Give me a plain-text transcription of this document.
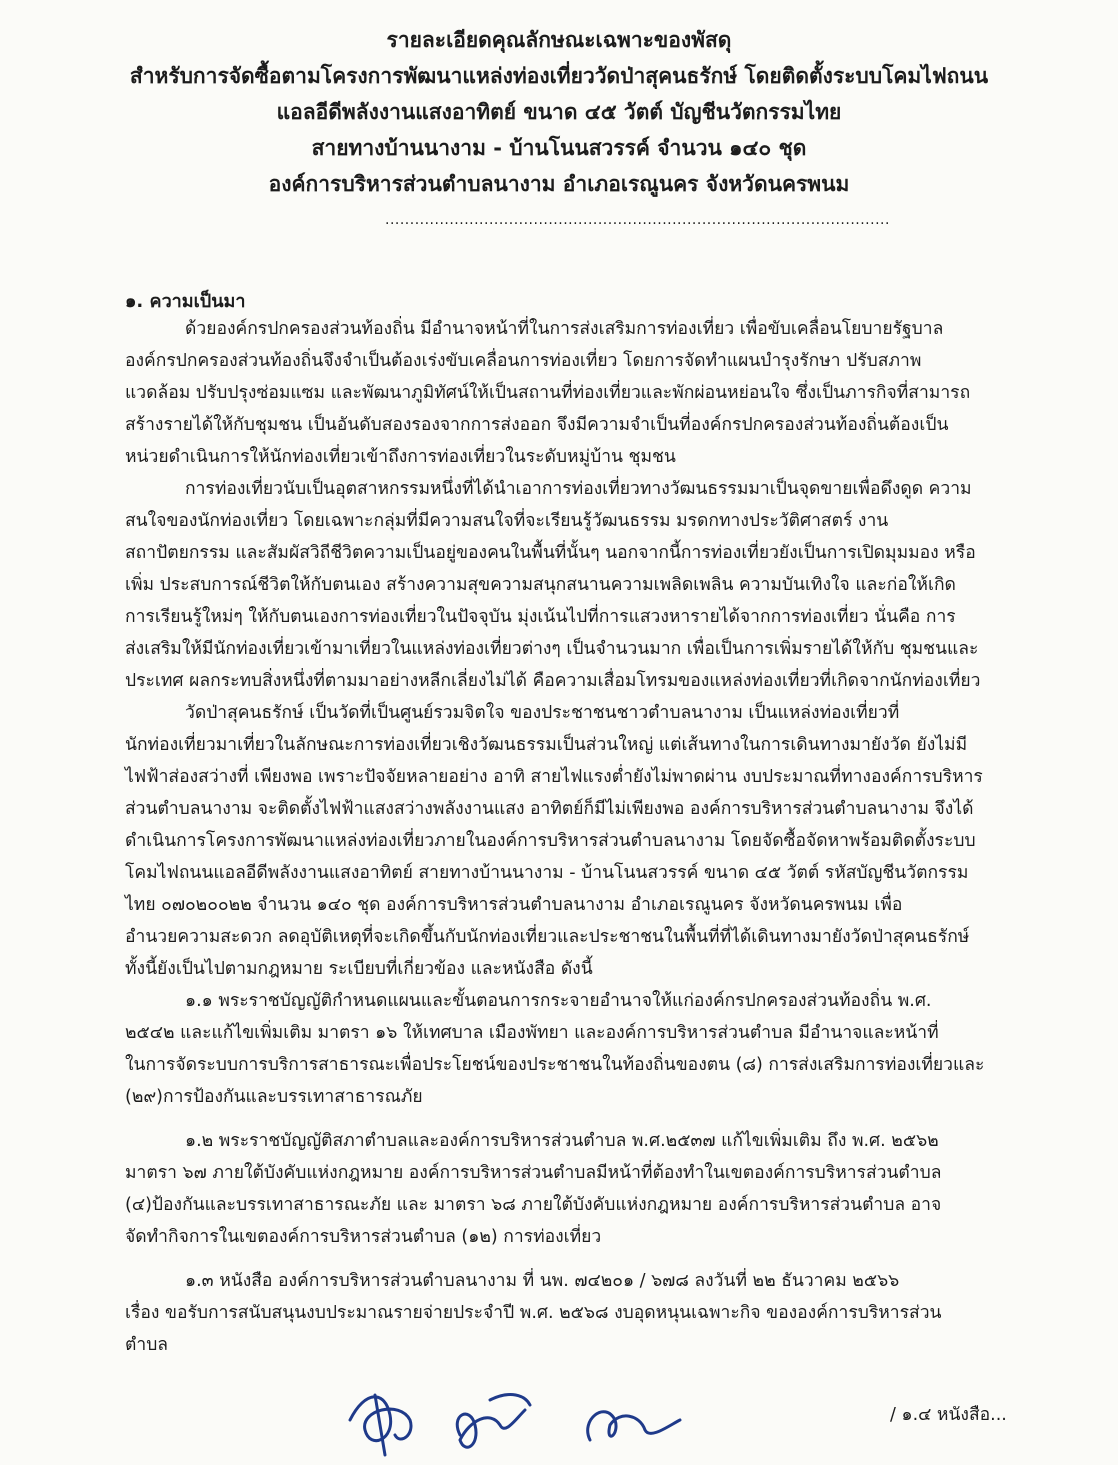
รายละเอียดคุณลักษณะเฉพาะของพัสดุ
สำหรับการจัดซื้อตามโครงการพัฒนาแหล่งท่องเที่ยววัดป่าสุคนธรักษ์ โดยติดตั้งระบบโคมไฟถนน
แอลอีดีพลังงานแสงอาทิตย์ ขนาด ๔๕ วัตต์ บัญชีนวัตกรรมไทย
สายทางบ้านนางาม - บ้านโนนสวรรค์ จำนวน ๑๔๐ ชุด
องค์การบริหารส่วนตำบลนางาม อำเภอเรณูนคร จังหวัดนครพนม
......................................................................................................
๑. ความเป็นมา
ด้วยองค์กรปกครองส่วนท้องถิ่น มีอำนาจหน้าที่ในการส่งเสริมการท่องเที่ยว เพื่อขับเคลื่อนโยบายรัฐบาล
องค์กรปกครองส่วนท้องถิ่นจึงจำเป็นต้องเร่งขับเคลื่อนการท่องเที่ยว โดยการจัดทำแผนบำรุงรักษา ปรับสภาพ
แวดล้อม ปรับปรุงซ่อมแซม และพัฒนาภูมิทัศน์ให้เป็นสถานที่ท่องเที่ยวและพักผ่อนหย่อนใจ ซึ่งเป็นภารกิจที่สามารถ
สร้างรายได้ให้กับชุมชน เป็นอันดับสองรองจากการส่งออก จึงมีความจำเป็นที่องค์กรปกครองส่วนท้องถิ่นต้องเป็น
หน่วยดำเนินการให้นักท่องเที่ยวเข้าถึงการท่องเที่ยวในระดับหมู่บ้าน ชุมชน
การท่องเที่ยวนับเป็นอุตสาหกรรมหนึ่งที่ได้นำเอาการท่องเที่ยวทางวัฒนธรรมมาเป็นจุดขายเพื่อดึงดูด ความ
สนใจของนักท่องเที่ยว โดยเฉพาะกลุ่มที่มีความสนใจที่จะเรียนรู้วัฒนธรรม มรดกทางประวัติศาสตร์ งาน
สถาปัตยกรรม และสัมผัสวิถีชีวิตความเป็นอยู่ของคนในพื้นที่นั้นๆ นอกจากนี้การท่องเที่ยวยังเป็นการเปิดมุมมอง หรือ
เพิ่ม ประสบการณ์ชีวิตให้กับตนเอง สร้างความสุขความสนุกสนานความเพลิดเพลิน ความบันเทิงใจ และก่อให้เกิด
การเรียนรู้ใหม่ๆ ให้กับตนเองการท่องเที่ยวในปัจจุบัน มุ่งเน้นไปที่การแสวงหารายได้จากการท่องเที่ยว นั่นคือ การ
ส่งเสริมให้มีนักท่องเที่ยวเข้ามาเที่ยวในแหล่งท่องเที่ยวต่างๆ เป็นจำนวนมาก เพื่อเป็นการเพิ่มรายได้ให้กับ ชุมชนและ
ประเทศ ผลกระทบสิ่งหนึ่งที่ตามมาอย่างหลีกเลี่ยงไม่ได้ คือความเสื่อมโทรมของแหล่งท่องเที่ยวที่เกิดจากนักท่องเที่ยว
วัดป่าสุคนธรักษ์ เป็นวัดที่เป็นศูนย์รวมจิตใจ ของประชาชนชาวตำบลนางาม เป็นแหล่งท่องเที่ยวที่
นักท่องเที่ยวมาเที่ยวในลักษณะการท่องเที่ยวเชิงวัฒนธรรมเป็นส่วนใหญ่ แต่เส้นทางในการเดินทางมายังวัด ยังไม่มี
ไฟฟ้าส่องสว่างที่ เพียงพอ เพราะปัจจัยหลายอย่าง อาทิ สายไฟแรงต่ำยังไม่พาดผ่าน งบประมาณที่ทางองค์การบริหาร
ส่วนตำบลนางาม จะติดตั้งไฟฟ้าแสงสว่างพลังงานแสง อาทิตย์ก็มีไม่เพียงพอ องค์การบริหารส่วนตำบลนางาม จึงได้
ดำเนินการโครงการพัฒนาแหล่งท่องเที่ยวภายในองค์การบริหารส่วนตำบลนางาม โดยจัดซื้อจัดหาพร้อมติดตั้งระบบ
โคมไฟถนนแอลอีดีพลังงานแสงอาทิตย์ สายทางบ้านนางาม - บ้านโนนสวรรค์ ขนาด ๔๕ วัตต์ รหัสบัญชีนวัตกรรม
ไทย ๐๗๐๒๐๐๒๒ จำนวน ๑๔๐ ชุด องค์การบริหารส่วนตำบลนางาม อำเภอเรณูนคร จังหวัดนครพนม เพื่อ
อำนวยความสะดวก ลดอุบัติเหตุที่จะเกิดขึ้นกับนักท่องเที่ยวและประชาชนในพื้นที่ที่ได้เดินทางมายังวัดป่าสุคนธรักษ์
ทั้งนี้ยังเป็นไปตามกฎหมาย ระเบียบที่เกี่ยวข้อง และหนังสือ ดังนี้
๑.๑ พระราชบัญญัติกำหนดแผนและขั้นตอนการกระจายอำนาจให้แก่องค์กรปกครองส่วนท้องถิ่น พ.ศ.
๒๕๔๒ และแก้ไขเพิ่มเติม มาตรา ๑๖ ให้เทศบาล เมืองพัทยา และองค์การบริหารส่วนตำบล มีอำนาจและหน้าที่
ในการจัดระบบการบริการสาธารณะเพื่อประโยชน์ของประชาชนในท้องถิ่นของตน (๘) การส่งเสริมการท่องเที่ยวและ
(๒๙)การป้องกันและบรรเทาสาธารณภัย
๑.๒ พระราชบัญญัติสภาตำบลและองค์การบริหารส่วนตำบล พ.ศ.๒๕๓๗ แก้ไขเพิ่มเติม ถึง พ.ศ. ๒๕๖๒
มาตรา ๖๗ ภายใต้บังคับแห่งกฎหมาย องค์การบริหารส่วนตำบลมีหน้าที่ต้องทำในเขตองค์การบริหารส่วนตำบล
(๔)ป้องกันและบรรเทาสาธารณะภัย และ มาตรา ๖๘ ภายใต้บังคับแห่งกฎหมาย องค์การบริหารส่วนตำบล อาจ
จัดทำกิจการในเขตองค์การบริหารส่วนตำบล (๑๒) การท่องเที่ยว
๑.๓ หนังสือ องค์การบริหารส่วนตำบลนางาม ที่ นพ. ๗๔๒๐๑ / ๖๗๘ ลงวันที่ ๒๒ ธันวาคม ๒๕๖๖
เรื่อง ขอรับการสนับสนุนงบประมาณรายจ่ายประจำปี พ.ศ. ๒๕๖๘ งบอุดหนุนเฉพาะกิจ ขององค์การบริหารส่วน
ตำบล
/ ๑.๔ หนังสือ...
